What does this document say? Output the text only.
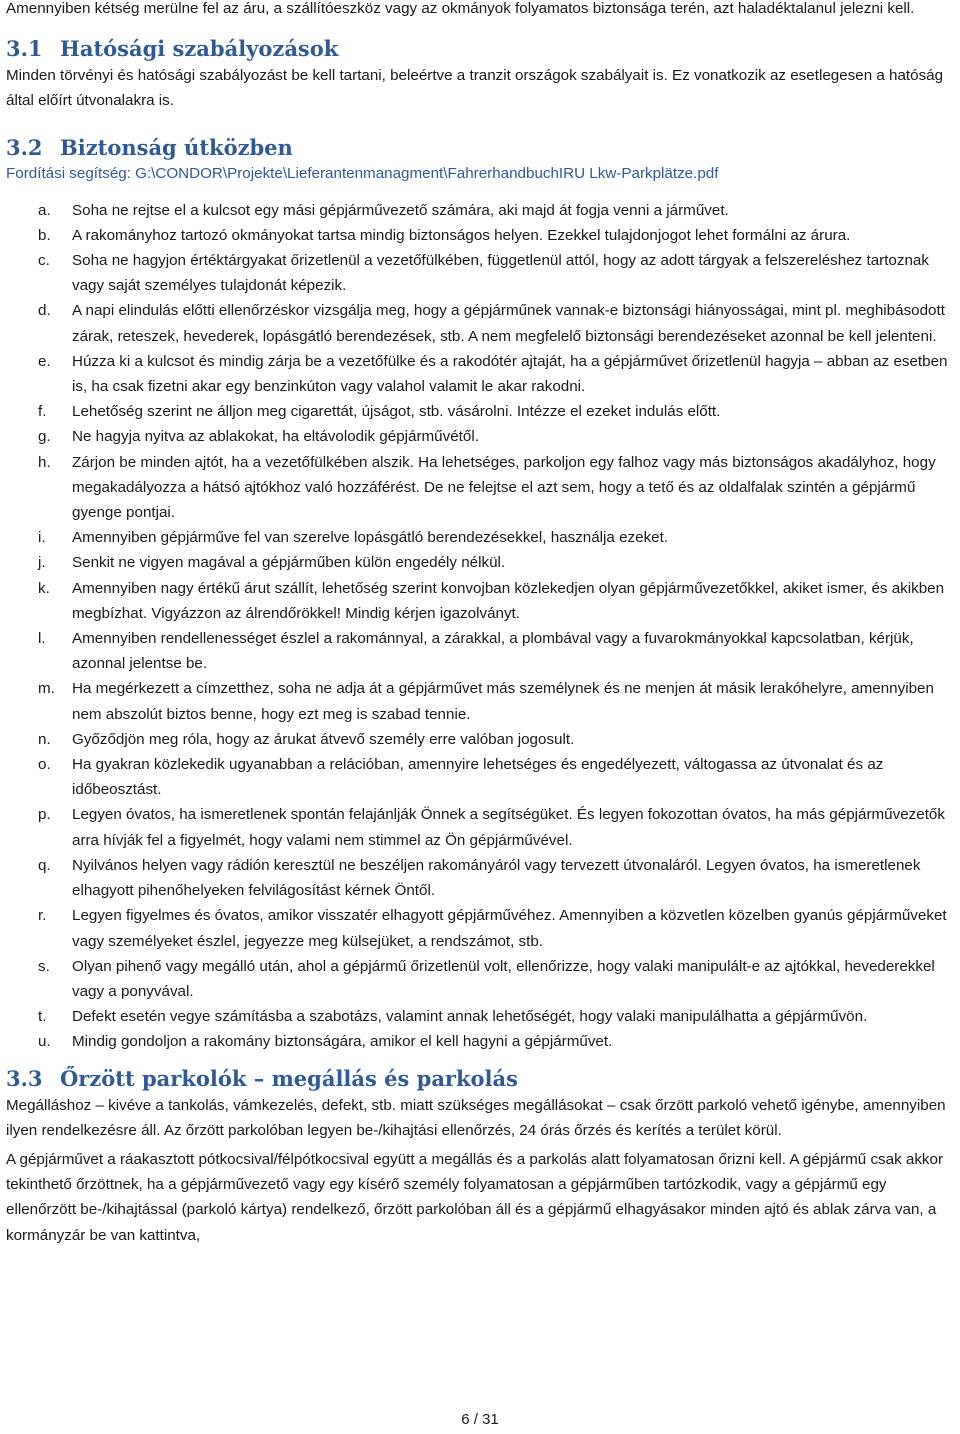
Amennyiben kétség merülne fel az áru, a szállítóeszköz vagy az okmányok folyamatos biztonsága terén, azt haladéktalanul jelezni kell.

3.1 Hatósági szabályozások

Minden törvényi és hatósági szabályozást be kell tartani, beleértve a tranzit országok szabályait is. Ez vonatkozik az esetlegesen a hatóság által előírt útvonalakra is.

3.2 Biztonság útközben
Fordítási segítség: G:\CONDOR\Projekte\Lieferantenmanagment\FahrerhandbuchIRU Lkw-Parkplätze.pdf
a.	Soha ne rejtse el a kulcsot egy mási gépjárművezető számára, aki majd át fogja venni a járművet.
b.	A rakományhoz tartozó okmányokat tartsa mindig biztonságos helyen. Ezekkel tulajdonjogot lehet formálni az árura.
c.	Soha ne hagyjon értéktárgyakat őrizetlenül a vezetőfülkében, függetlenül attól, hogy az adott tárgyak a felszereléshez tartoznak vagy saját személyes tulajdonát képezik.
d.	A napi elindulás előtti ellenőrzéskor vizsgálja meg, hogy a gépjárműnek vannak-e biztonsági hiányosságai, mint pl. meghibásodott zárak, reteszek, hevederek, lopásgátló berendezések, stb. A nem megfelelő biztonsági berendezéseket azonnal be kell jelenteni.
e.	Húzza ki a kulcsot és mindig zárja be a vezetőfülke és a rakodótér ajtaját, ha a gépjárművet őrizetlenül hagyja – abban az esetben is, ha csak fizetni akar egy benzinkúton vagy valahol valamit le akar rakodni.
f.	Lehetőség szerint ne álljon meg cigarettát, újságot, stb. vásárolni. Intézze el ezeket indulás előtt.
g.	Ne hagyja nyitva az ablakokat, ha eltávolodik gépjárművétől.
h.	Zárjon be minden ajtót, ha a vezetőfülkében alszik. Ha lehetséges, parkoljon egy falhoz vagy más biztonságos akadályhoz, hogy megakadályozza a hátsó ajtókhoz való hozzáférést. De ne felejtse el azt sem, hogy a tető és az oldalfalak szintén a gépjármű gyenge pontjai.
i.	Amennyiben gépjárműve fel van szerelve lopásgátló berendezésekkel, használja ezeket.
j.	Senkit ne vigyen magával a gépjárműben külön engedély nélkül.
k.	Amennyiben nagy értékű árut szállít, lehetőség szerint konvojban közlekedjen olyan gépjárművezetőkkel, akiket ismer, és akikben megbízhat. Vigyázzon az álrendőrökkel! Mindig kérjen igazolványt.
l.	Amennyiben rendellenességet észlel a rakománnyal, a zárakkal, a plombával vagy a fuvarokmányokkal kapcsolatban, kérjük, azonnal jelentse be.
m.	Ha megérkezett a címzetthez, soha ne adja át a gépjárművet más személynek és ne menjen át másik lerakóhelyre, amennyiben nem abszolút biztos benne, hogy ezt meg is szabad tennie.
n.	Győződjön meg róla, hogy az árukat átvevő személy erre valóban jogosult.
o.	Ha gyakran közlekedik ugyanabban a relációban, amennyire lehetséges és engedélyezett, váltogassa az útvonalat és az időbeosztást.
p.	Legyen óvatos, ha ismeretlenek spontán felajánlják Önnek a segítségüket. És legyen fokozottan óvatos, ha más gépjárművezetők arra hívják fel a figyelmét, hogy valami nem stimmel az Ön gépjárművével.
q.	Nyilvános helyen vagy rádión keresztül ne beszéljen rakományáról vagy tervezett útvonaláról. Legyen óvatos, ha ismeretlenek elhagyott pihenőhelyeken felvilágosítást kérnek Öntől.
r.	Legyen figyelmes és óvatos, amikor visszatér elhagyott gépjárművéhez. Amennyiben a közvetlen közelben gyanús gépjárműveket vagy személyeket észlel, jegyezze meg külsejüket, a rendszámot, stb.
s.	Olyan pihenő vagy megálló után, ahol a gépjármű őrizetlenül volt, ellenőrizze, hogy valaki manipulált-e az ajtókkal, hevederekkel vagy a ponyvával.
t.	Defekt esetén vegye számításba a szabotázs, valamint annak lehetőségét, hogy valaki manipulálhatta a gépjárművön.
u.	Mindig gondoljon a rakomány biztonságára, amikor el kell hagyni a gépjárművet.
3.3 Őrzött parkolók – megállás és parkolás

Megálláshoz – kivéve a tankolás, vámkezelés, defekt, stb. miatt szükséges megállásokat – csak őrzött parkoló vehető igénybe, amennyiben ilyen rendelkezésre áll. Az őrzött parkolóban legyen be-/kihajtási ellenőrzés, 24 órás őrzés és kerítés a terület körül.

A gépjárművet a ráakasztott pótkocsival/félpótkocsival együtt a megállás és a parkolás alatt folyamatosan őrizni kell. A gépjármű csak akkor tekinthető őrzöttnek, ha a gépjárművezető vagy egy kísérő személy folyamatosan a gépjárműben tartózkodik, vagy a gépjármű egy ellenőrzött be-/kihajtással (parkoló kártya) rendelkező, őrzött parkolóban áll és a gépjármű elhagyásakor minden ajtó és ablak zárva van, a kormányzár be van kattintva,

6 / 31
